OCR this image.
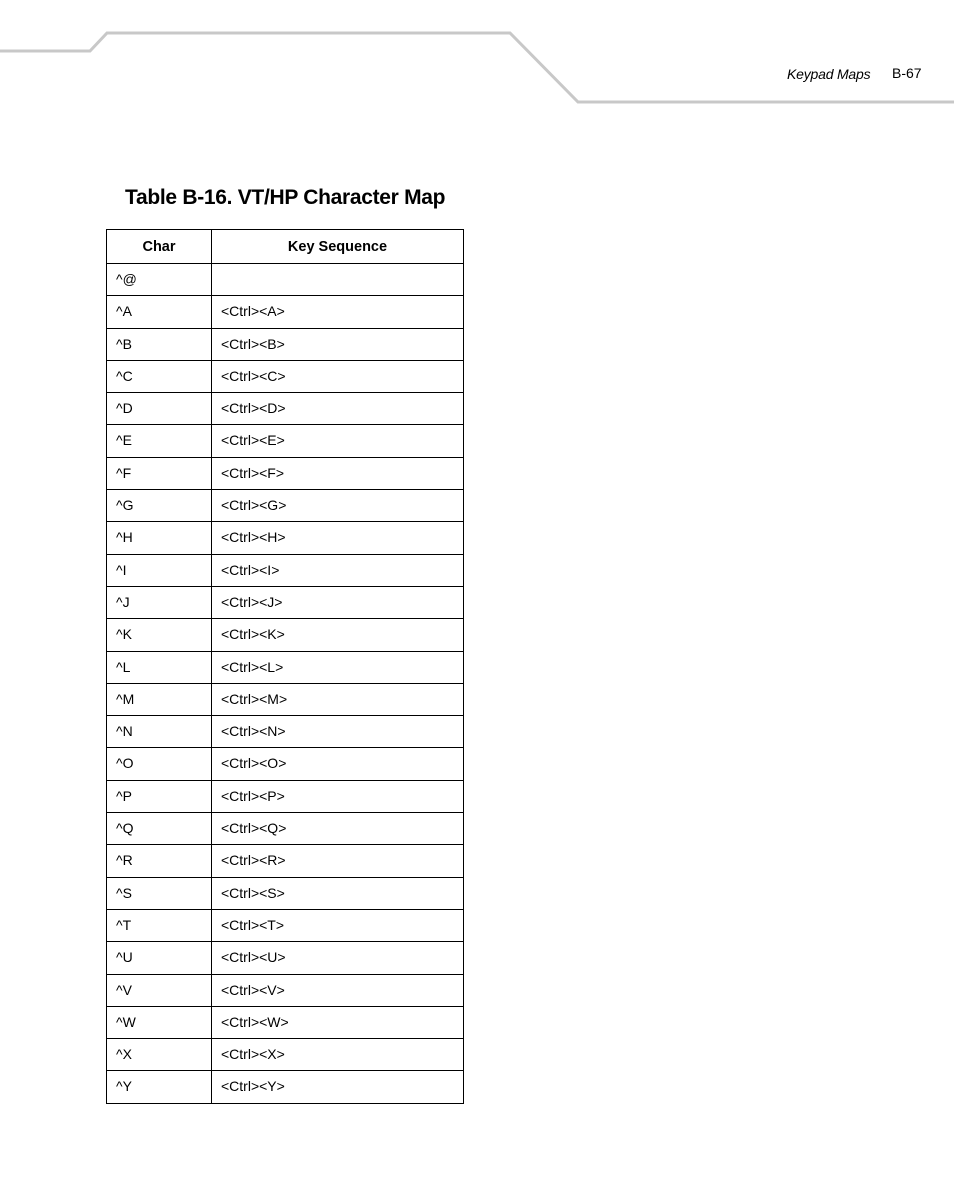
Keypad Maps B-67
Table B-16. VT/HP Character Map
Char	Key Sequence
^@	
^A	<Ctrl><A>
^B	<Ctrl><B>
^C	<Ctrl><C>
^D	<Ctrl><D>
^E	<Ctrl><E>
^F	<Ctrl><F>
^G	<Ctrl><G>
^H	<Ctrl><H>
^I	<Ctrl><I>
^J	<Ctrl><J>
^K	<Ctrl><K>
^L	<Ctrl><L>
^M	<Ctrl><M>
^N	<Ctrl><N>
^O	<Ctrl><O>
^P	<Ctrl><P>
^Q	<Ctrl><Q>
^R	<Ctrl><R>
^S	<Ctrl><S>
^T	<Ctrl><T>
^U	<Ctrl><U>
^V	<Ctrl><V>
^W	<Ctrl><W>
^X	<Ctrl><X>
^Y	<Ctrl><Y>
